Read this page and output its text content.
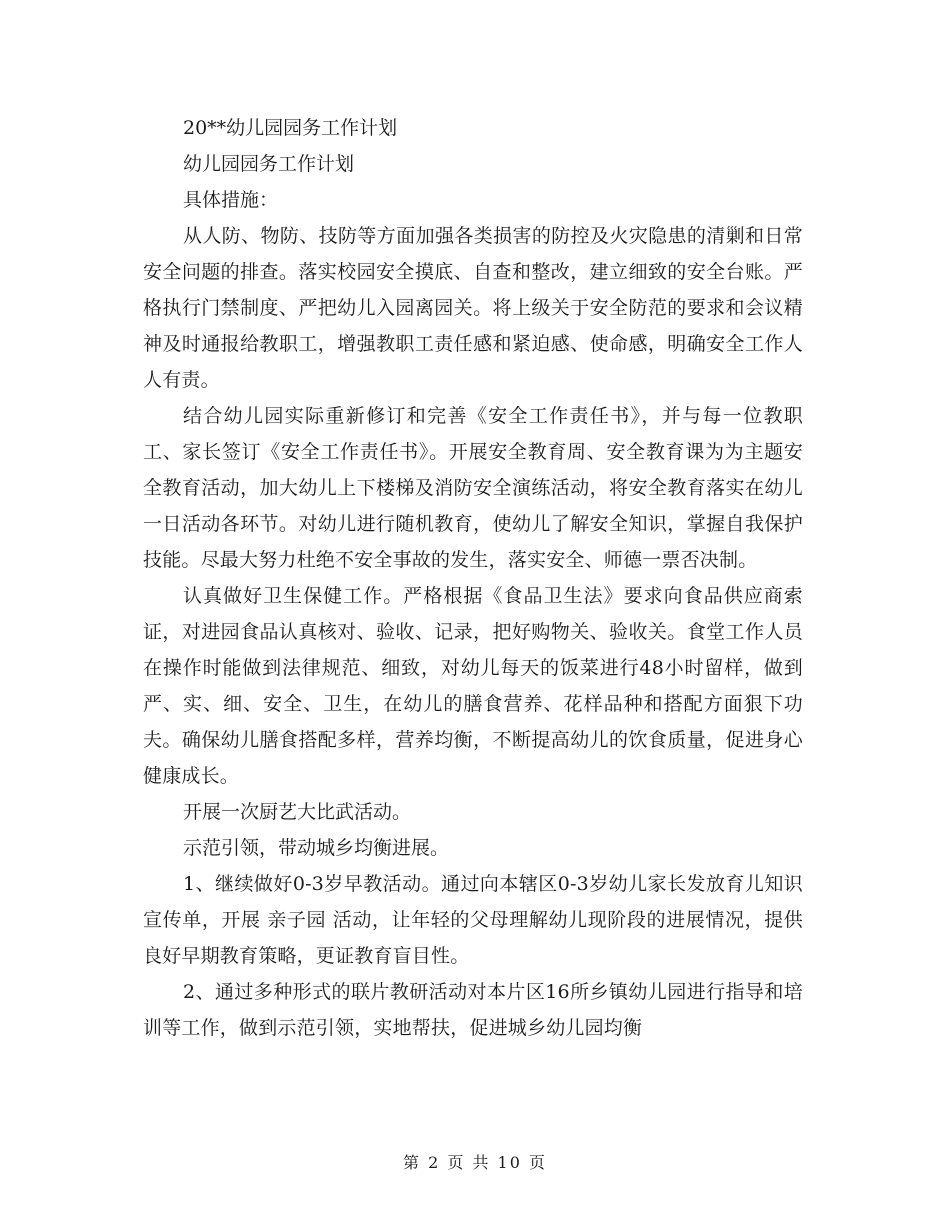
20**幼儿园园务工作计划
幼儿园园务工作计划
具体措施：

从人防、物防、技防等方面加强各类损害的防控及火灾隐患的清剿和日常安全问题的排查。落实校园安全摸底、自查和整改，建立细致的安全台账。严格执行门禁制度、严把幼儿入园离园关。将上级关于安全防范的要求和会议精神及时通报给教职工，增强教职工责任感和紧迫感、使命感，明确安全工作人人有责。

结合幼儿园实际重新修订和完善《安全工作责任书》，并与每一位教职工、家长签订《安全工作责任书》。开展安全教育周、安全教育课为为主题安全教育活动，加大幼儿上下楼梯及消防安全演练活动，将安全教育落实在幼儿一日活动各环节。对幼儿进行随机教育，使幼儿了解安全知识，掌握自我保护技能。尽最大努力杜绝不安全事故的发生，落实安全、师德一票否决制。

认真做好卫生保健工作。严格根据《食品卫生法》要求向食品供应商索证，对进园食品认真核对、验收、记录，把好购物关、验收关。食堂工作人员在操作时能做到法律规范、细致，对幼儿每天的饭菜进行48小时留样，做到严、实、细、安全、卫生，在幼儿的膳食营养、花样品种和搭配方面狠下功夫。确保幼儿膳食搭配多样，营养均衡，不断提高幼儿的饮食质量，促进身心健康成长。

开展一次厨艺大比武活动。
示范引领，带动城乡均衡进展。

1、继续做好0-3岁早教活动。通过向本辖区0-3岁幼儿家长发放育儿知识宣传单，开展 亲子园 活动，让年轻的父母理解幼儿现阶段的进展情况，提供良好早期教育策略，更证教育盲目性。

2、通过多种形式的联片教研活动对本片区16所乡镇幼儿园进行指导和培训等工作，做到示范引领，实地帮扶，促进城乡幼儿园均衡

第 2 页 共 10 页
